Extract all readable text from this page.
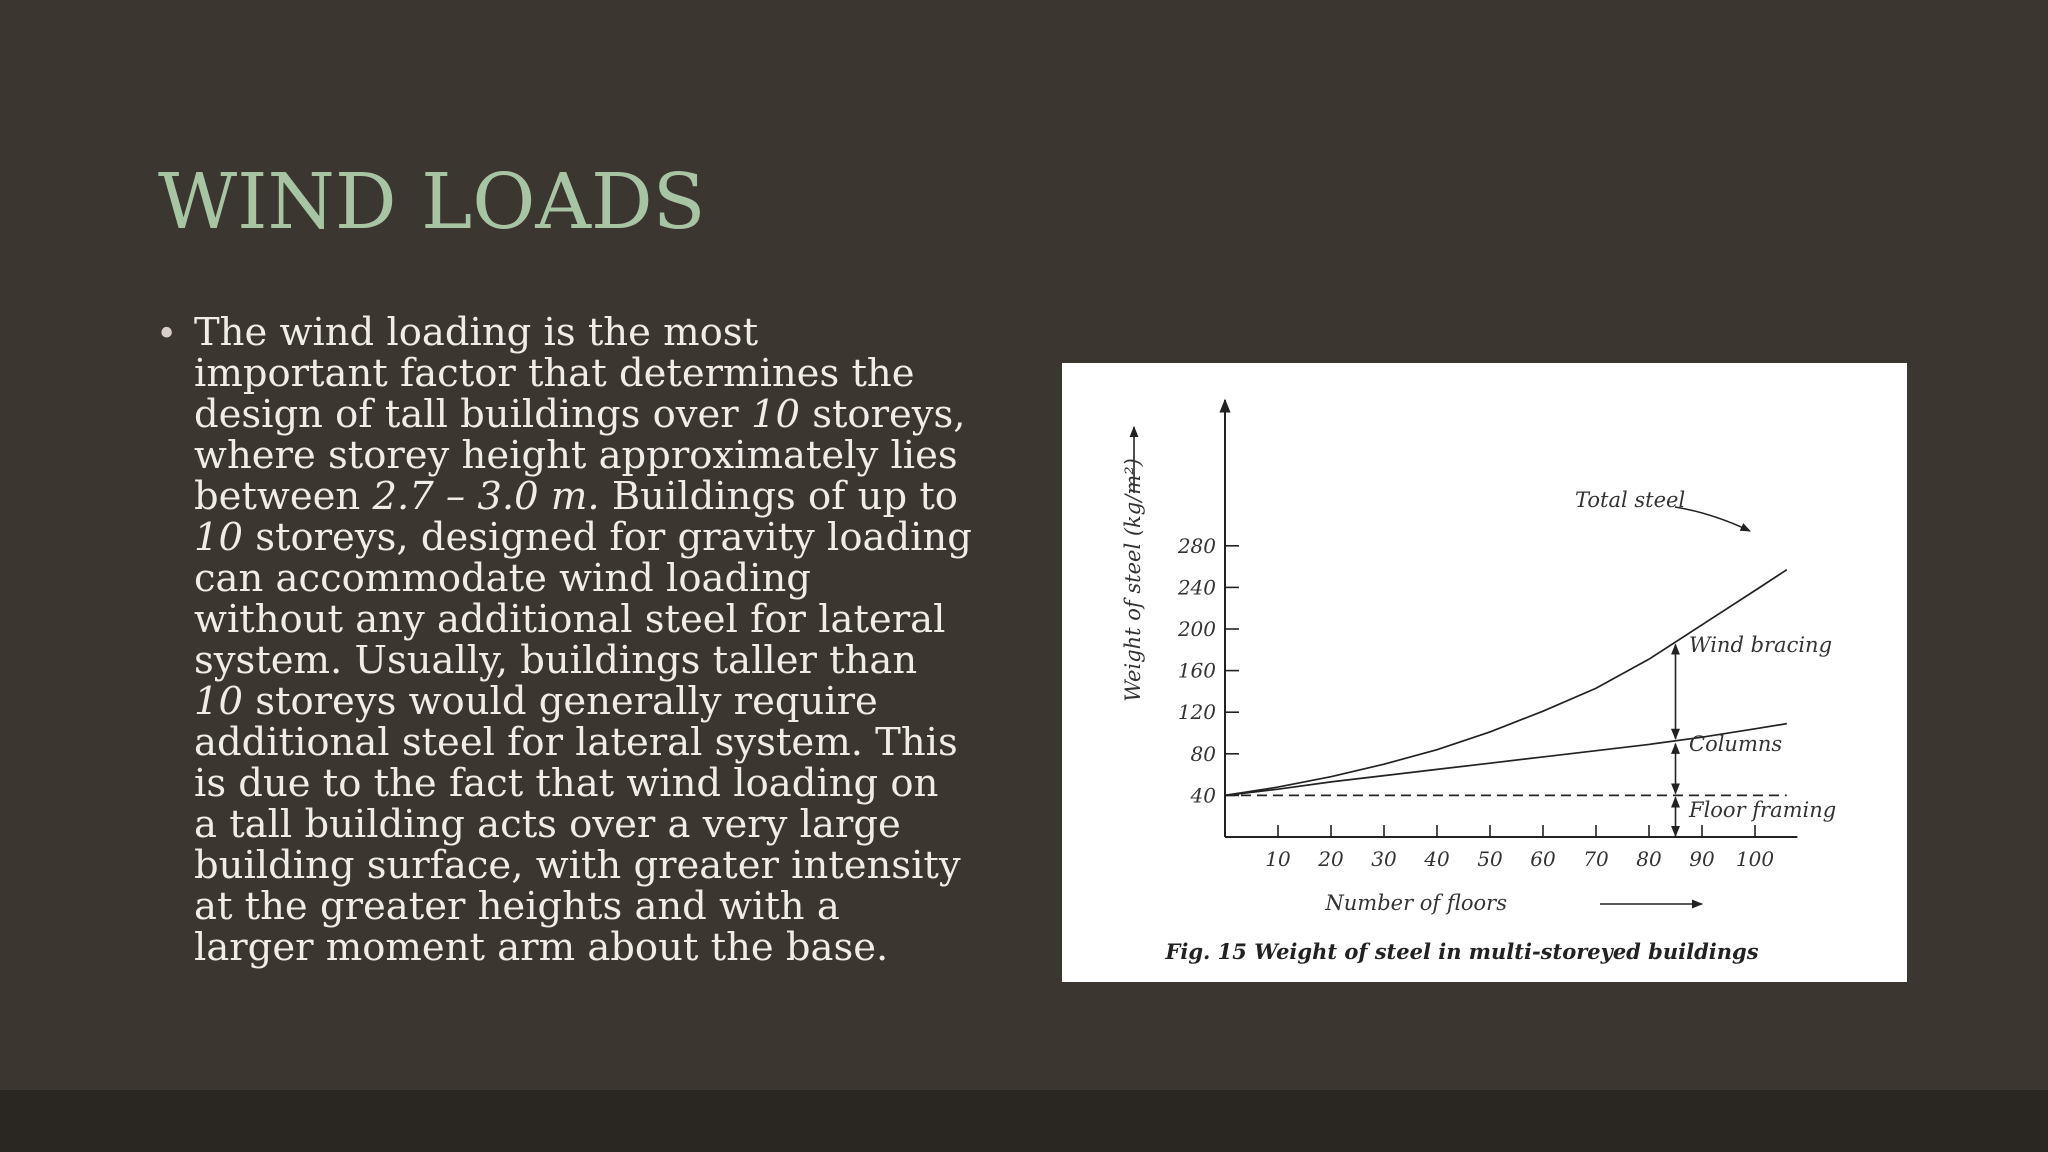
WIND LOADS
• The wind loading is the most
important factor that determines the
design of tall buildings over 10 storeys,
where storey height approximately lies
between 2.7 – 3.0 m. Buildings of up to
10 storeys, designed for gravity loading
can accommodate wind loading
without any additional steel for lateral
system. Usually, buildings taller than
10 storeys would generally require
additional steel for lateral system. This
is due to the fact that wind loading on
a tall building acts over a very large
building surface, with greater intensity
at the greater heights and with a
larger moment arm about the base.
10 20 30 40 50 60 70 80 90 100
40
80
120
160
200
240
280
Total steel
Wind bracing
Columns
Floor framing
Number of floors
Weight of steel (kg/m²)
Fig. 15 Weight of steel in multi-storeyed buildings
